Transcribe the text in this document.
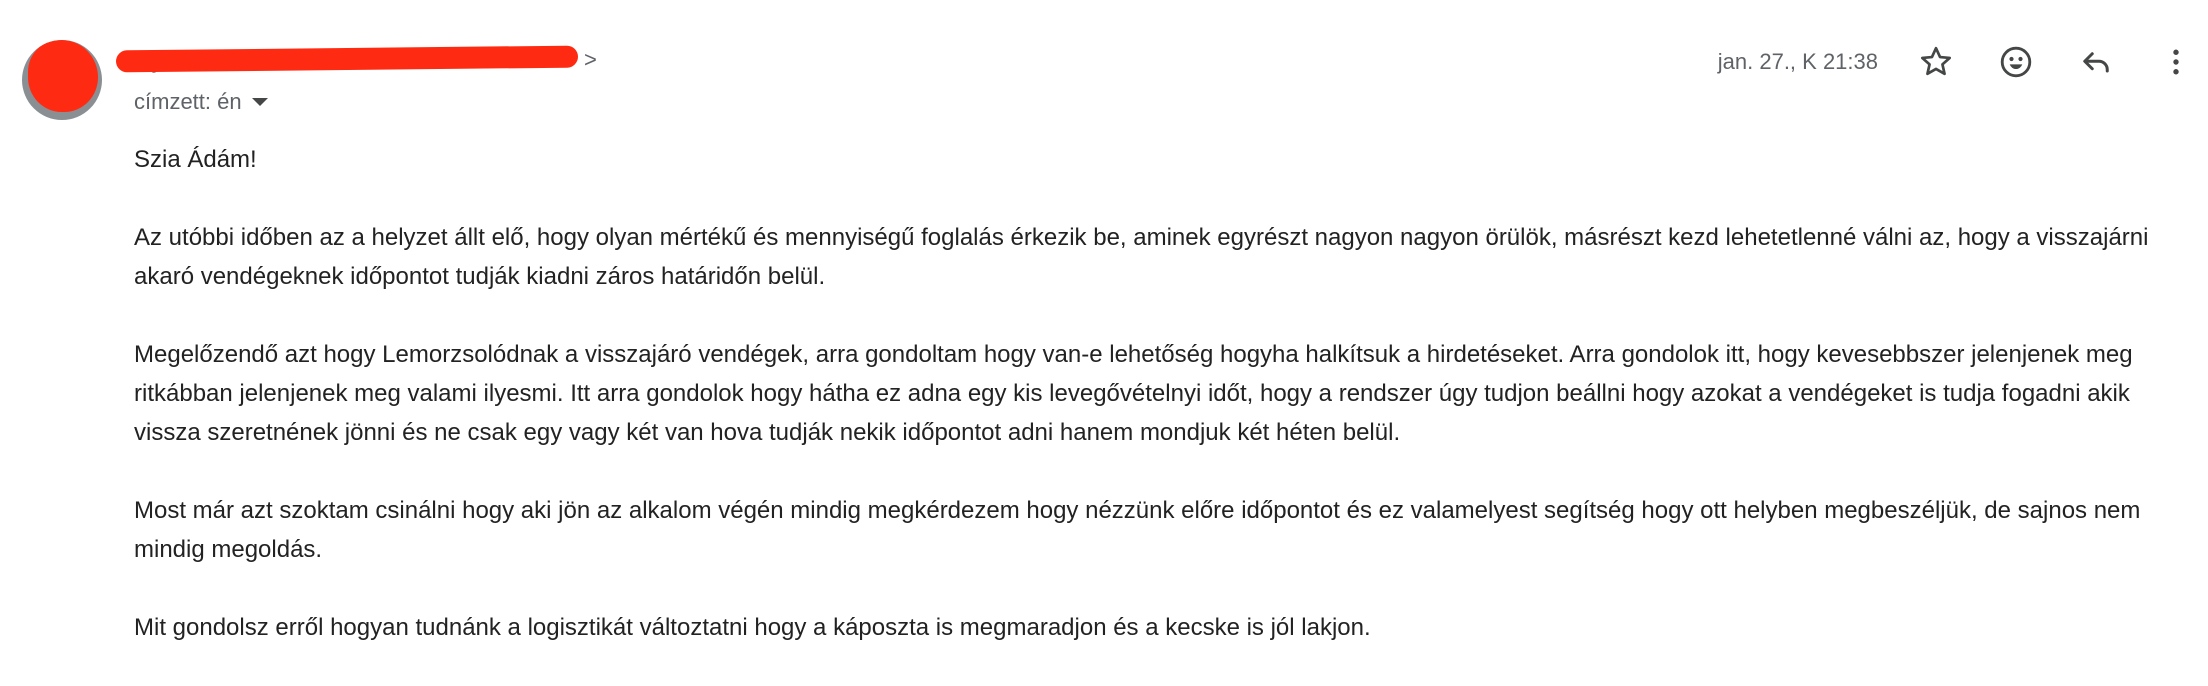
>
címzett: én
jan. 27., K 21:38

Szia Ádám!

Az utóbbi időben az a helyzet állt elő, hogy olyan mértékű és mennyiségű foglalás érkezik be, aminek egyrészt nagyon nagyon örülök, másrészt kezd lehetetlenné válni az, hogy a visszajárni akaró vendégeknek időpontot tudják kiadni záros határidőn belül.

Megelőzendő azt hogy Lemorzsolódnak a visszajáró vendégek, arra gondoltam hogy van-e lehetőség hogyha halkítsuk a hirdetéseket. Arra gondolok itt, hogy kevesebbszer jelenjenek meg ritkábban jelenjenek meg valami ilyesmi. Itt arra gondolok hogy hátha ez adna egy kis levegővételnyi időt, hogy a rendszer úgy tudjon beállni hogy azokat a vendégeket is tudja fogadni akik vissza szeretnének jönni és ne csak egy vagy két van hova tudják nekik időpontot adni hanem mondjuk két héten belül.

Most már azt szoktam csinálni hogy aki jön az alkalom végén mindig megkérdezem hogy nézzünk előre időpontot és ez valamelyest segítség hogy ott helyben megbeszéljük, de sajnos nem mindig megoldás.

Mit gondolsz erről hogyan tudnánk a logisztikát változtatni hogy a káposzta is megmaradjon és a kecske is jól lakjon.
